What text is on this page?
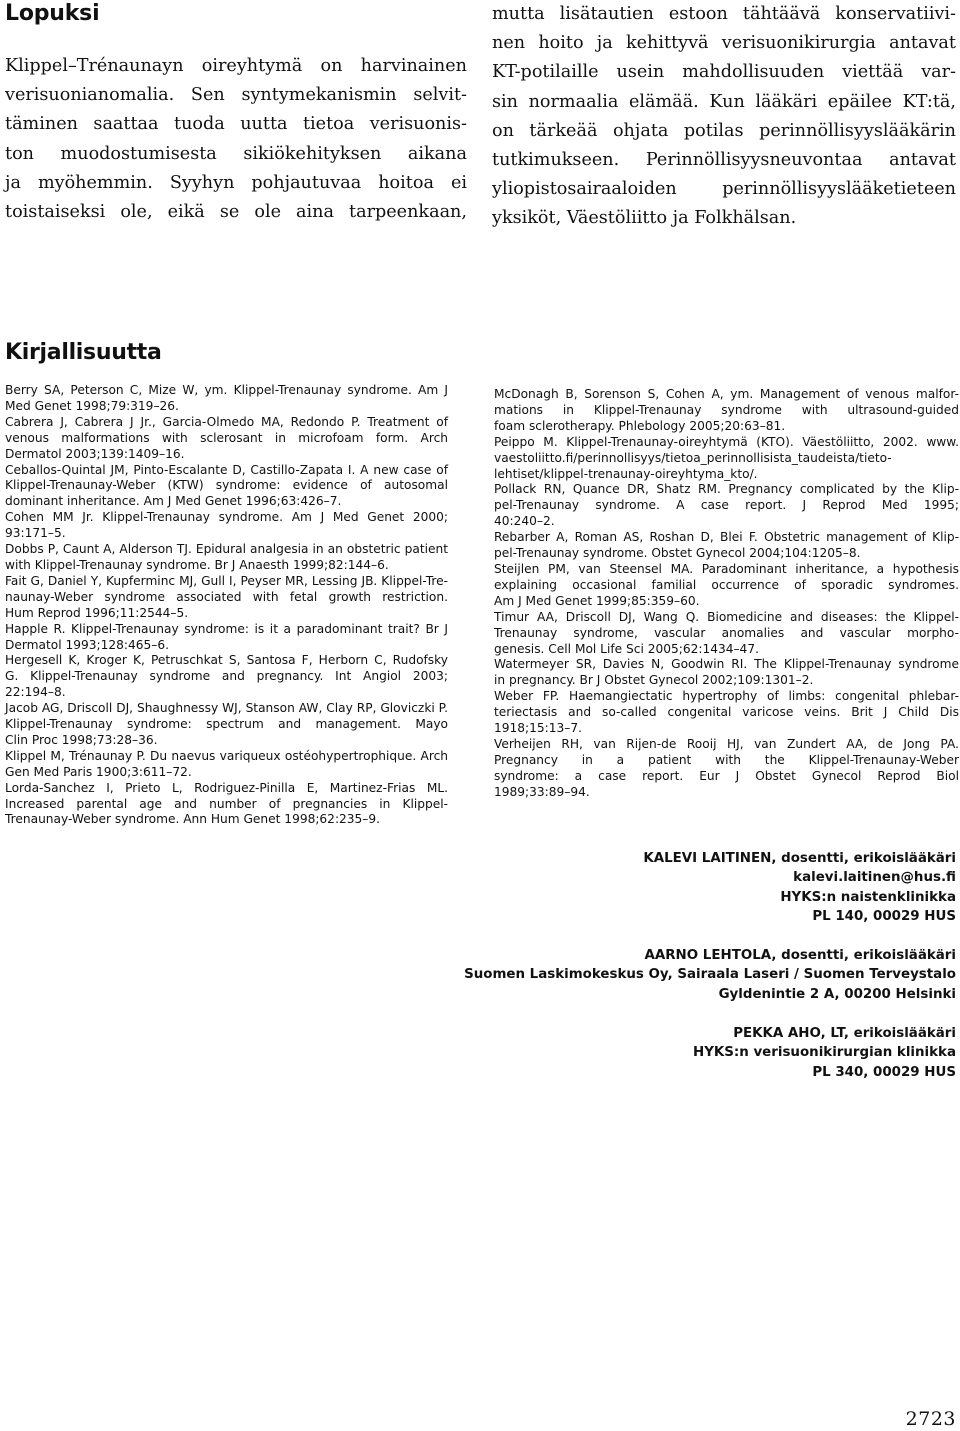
Lopuksi

Klippel–Trénaunayn oireyhtymä on harvinainen
verisuonianomalia. Sen syntymekanismin selvit-
täminen saattaa tuoda uutta tietoa verisuonis-
ton muodostumisesta sikiökehityksen aikana
ja myöhemmin. Syyhyn pohjautuvaa hoitoa ei
toistaiseksi ole, eikä se ole aina tarpeenkaan,

mutta lisätautien estoon tähtäävä konservatiivi-
nen hoito ja kehittyvä verisuonikirurgia antavat
KT-potilaille usein mahdollisuuden viettää var-
sin normaalia elämää. Kun lääkäri epäilee KT:tä,
on tärkeää ohjata potilas perinnöllisyyslääkärin
tutkimukseen. Perinnöllisyysneuvontaa antavat
yliopistosairaaloiden perinnöllisyyslääketieteen
yksiköt, Väestöliitto ja Folkhälsan.

Kirjallisuutta
Berry SA, Peterson C, Mize W, ym. Klippel-Trenaunay syndrome. Am J
Med Genet 1998;79:319–26.
Cabrera J, Cabrera J Jr., Garcia-Olmedo MA, Redondo P. Treatment of
venous malformations with sclerosant in microfoam form. Arch
Dermatol 2003;139:1409–16.
Ceballos-Quintal JM, Pinto-Escalante D, Castillo-Zapata I. A new case of
Klippel-Trenaunay-Weber (KTW) syndrome: evidence of autosomal
dominant inheritance. Am J Med Genet 1996;63:426–7.
Cohen MM Jr. Klippel-Trenaunay syndrome. Am J Med Genet 2000;
93:171–5.
Dobbs P, Caunt A, Alderson TJ. Epidural analgesia in an obstetric patient
with Klippel-Trenaunay syndrome. Br J Anaesth 1999;82:144–6.
Fait G, Daniel Y, Kupferminc MJ, Gull I, Peyser MR, Lessing JB. Klippel-Tre-
naunay-Weber syndrome associated with fetal growth restriction.
Hum Reprod 1996;11:2544–5.
Happle R. Klippel-Trenaunay syndrome: is it a paradominant trait? Br J
Dermatol 1993;128:465–6.
Hergesell K, Kroger K, Petruschkat S, Santosa F, Herborn C, Rudofsky
G. Klippel-Trenaunay syndrome and pregnancy. Int Angiol 2003;
22:194–8.
Jacob AG, Driscoll DJ, Shaughnessy WJ, Stanson AW, Clay RP, Gloviczki P.
Klippel-Trenaunay syndrome: spectrum and management. Mayo
Clin Proc 1998;73:28–36.
Klippel M, Trénaunay P. Du naevus variqueux ostéohypertrophique. Arch
Gen Med Paris 1900;3:611–72.
Lorda-Sanchez I, Prieto L, Rodriguez-Pinilla E, Martinez-Frias ML.
Increased parental age and number of pregnancies in Klippel-
Trenaunay-Weber syndrome. Ann Hum Genet 1998;62:235–9.
McDonagh B, Sorenson S, Cohen A, ym. Management of venous malfor-
mations in Klippel-Trenaunay syndrome with ultrasound-guided
foam sclerotherapy. Phlebology 2005;20:63–81.
Peippo M. Klippel-Trenaunay-oireyhtymä (KTO). Väestöliitto, 2002. www.
vaestoliitto.fi/perinnollisyys/tietoa_perinnollisista_taudeista/tieto-
lehtiset/klippel-trenaunay-oireyhtyma_kto/.
Pollack RN, Quance DR, Shatz RM. Pregnancy complicated by the Klip-
pel-Trenaunay syndrome. A case report. J Reprod Med 1995;
40:240–2.
Rebarber A, Roman AS, Roshan D, Blei F. Obstetric management of Klip-
pel-Trenaunay syndrome. Obstet Gynecol 2004;104:1205–8.
Steijlen PM, van Steensel MA. Paradominant inheritance, a hypothesis
explaining occasional familial occurrence of sporadic syndromes.
Am J Med Genet 1999;85:359–60.
Timur AA, Driscoll DJ, Wang Q. Biomedicine and diseases: the Klippel-
Trenaunay syndrome, vascular anomalies and vascular morpho-
genesis. Cell Mol Life Sci 2005;62:1434–47.
Watermeyer SR, Davies N, Goodwin RI. The Klippel-Trenaunay syndrome
in pregnancy. Br J Obstet Gynecol 2002;109:1301–2.
Weber FP. Haemangiectatic hypertrophy of limbs: congenital phlebar-
teriectasis and so-called congenital varicose veins. Brit J Child Dis
1918;15:13–7.
Verheijen RH, van Rijen-de Rooij HJ, van Zundert AA, de Jong PA.
Pregnancy in a patient with the Klippel-Trenaunay-Weber
syndrome: a case report. Eur J Obstet Gynecol Reprod Biol
1989;33:89–94.
KALEVI LAITINEN, dosentti, erikoislääkäri
kalevi.laitinen@hus.fi
HYKS:n naistenklinikka
PL 140, 00029 HUS
AARNO LEHTOLA, dosentti, erikoislääkäri
Suomen Laskimokeskus Oy, Sairaala Laseri / Suomen Terveystalo
Gyldenintie 2 A, 00200 Helsinki
PEKKA AHO, LT, erikoislääkäri
HYKS:n verisuonikirurgian klinikka
PL 340, 00029 HUS
2723
